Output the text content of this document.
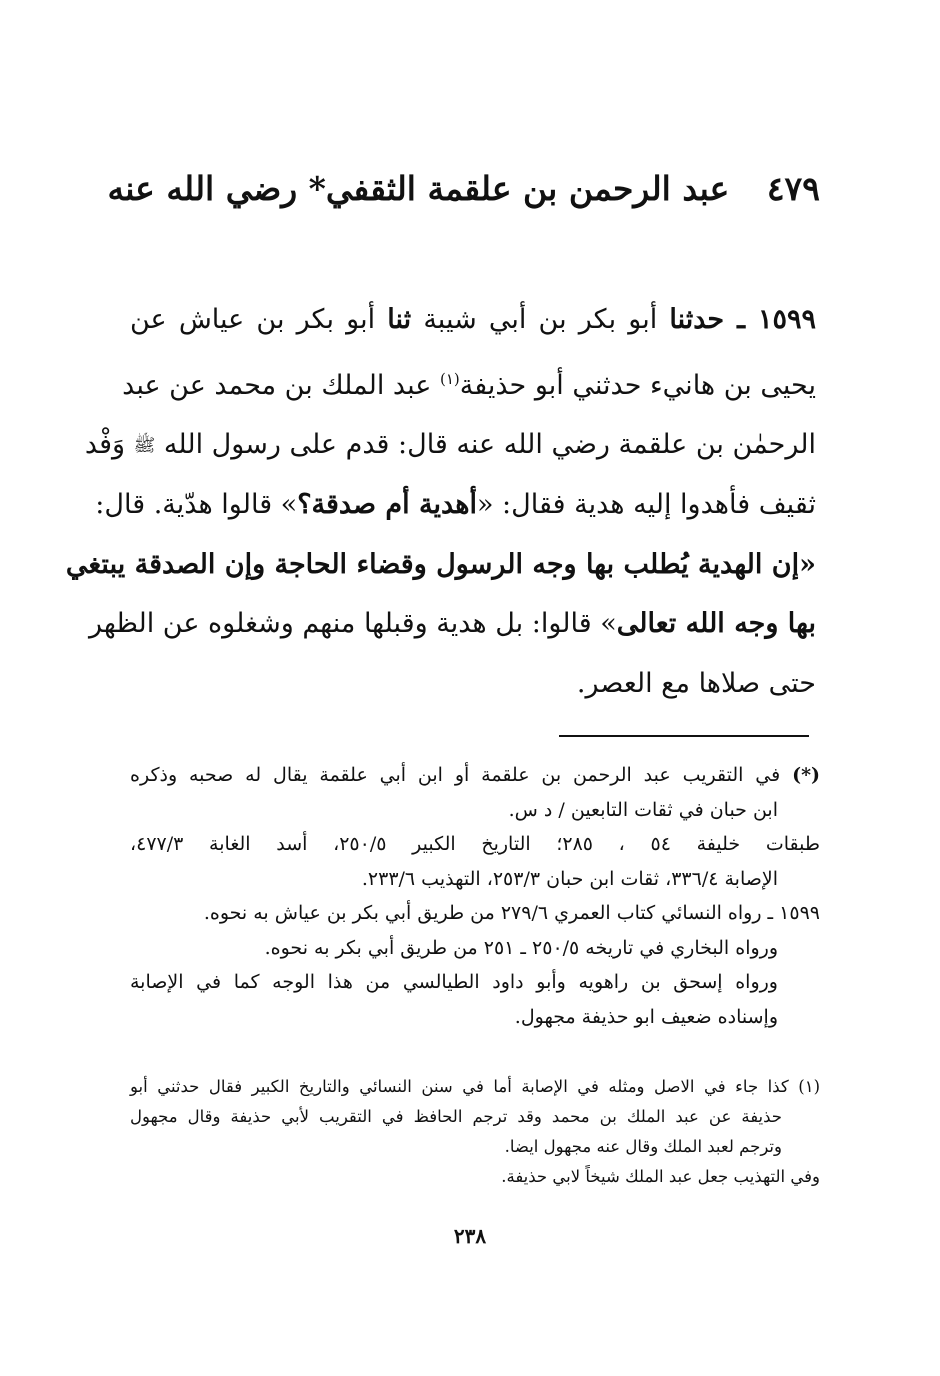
٤٧٩ عبد الرحمن بن علقمة الثقفي* رضي الله عنه
١٥٩٩ ـ حدثنا أبو بكر بن أبي شيبة ثنا أبو بكر بن عياش عن
يحيى بن هانيء حدثني أبو حذيفة$^{(١)}$ عبد الملك بن محمد عن عبد
الرحمٰن بن علقمة رضي الله عنه قال: قدم على رسول الله ﷺ وَفْد
ثقيف فأهدوا إليه هدية فقال: «أهدية أم صدقة؟» قالوا هدّية. قال:
«إن الهدية يُطلب بها وجه الرسول وقضاء الحاجة وإن الصدقة يبتغي
بها وجه الله تعالى» قالوا: بل هدية وقبلها منهم وشغلوه عن الظهر
حتى صلاها مع العصر.
(*) في التقريب عبد الرحمن بن علقمة أو ابن أبي علقمة يقال له صحبه وذكره
ابن حبان في ثقات التابعين / د س.
طبقات خليفة ٥٤ ، ٢٨٥؛ التاريخ الكبير ٢٥٠/٥، أسد الغابة ٤٧٧/٣،
الإصابة ٣٣٦/٤، ثقات ابن حبان ٢٥٣/٣، التهذيب ٢٣٣/٦.
١٥٩٩ ـ رواه النسائي كتاب العمري ٢٧٩/٦ من طريق أبي بكر بن عياش به نحوه.
ورواه البخاري في تاريخه ٢٥٠/٥ ـ ٢٥١ من طريق أبي بكر به نحوه.
ورواه إسحق بن راهويه وأبو داود الطيالسي من هذا الوجه كما في الإصابة
وإسناده ضعيف ابو حذيفة مجهول.
(١) كذا جاء في الاصل ومثله في الإصابة أما في سنن النسائي والتاريخ الكبير فقال حدثني أبو
حذيفة عن عبد الملك بن محمد وقد ترجم الحافظ في التقريب لأبي حذيفة وقال مجهول
وترجم لعبد الملك وقال عنه مجهول ايضا.
وفي التهذيب جعل عبد الملك شيخاً لابي حذيفة.
٢٣٨
